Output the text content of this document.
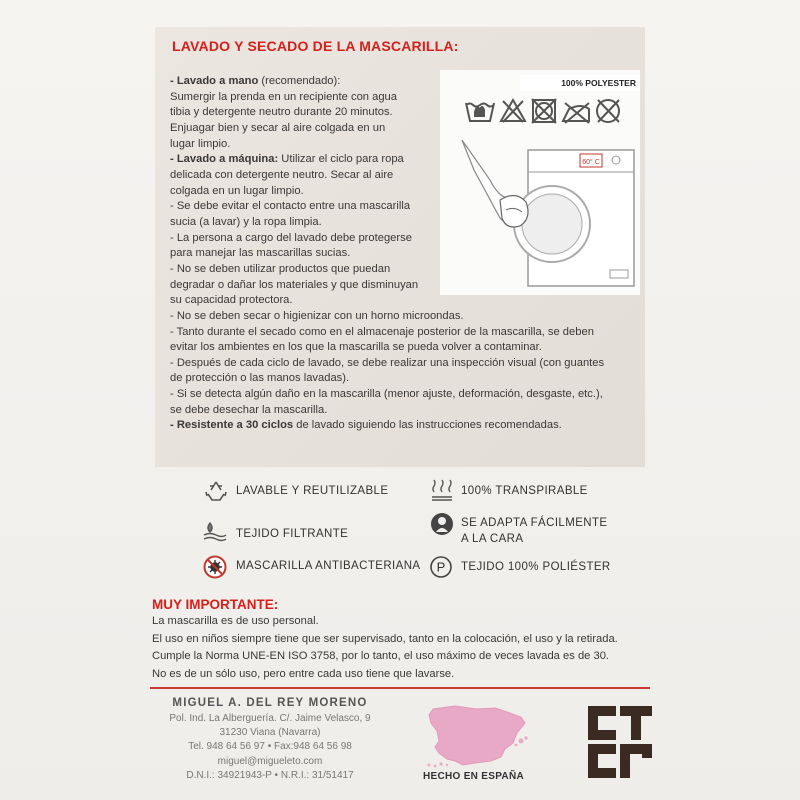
LAVADO Y SECADO DE LA MASCARILLA:
100% POLYESTER
60° C

- Lavado a mano (recomendado):

Sumergir la prenda en un recipiente con agua

tibia y detergente neutro durante 20 minutos.

Enjuagar bien y secar al aire colgada en un

lugar limpio.

- Lavado a máquina: Utilizar el ciclo para ropa

delicada con detergente neutro. Secar al aire

colgada en un lugar limpio.

- Se debe evitar el contacto entre una mascarilla

sucia (a lavar) y la ropa limpia.

- La persona a cargo del lavado debe protegerse

para manejar las mascarillas sucias.

- No se deben utilizar productos que puedan

degradar o dañar los materiales y que disminuyan

su capacidad protectora.

- No se deben secar o higienizar con un horno microondas.

- Tanto durante el secado como en el almacenaje posterior de la mascarilla, se deben

evitar los ambientes en los que la mascarilla se pueda volver a contaminar.

- Después de cada ciclo de lavado, se debe realizar una inspección visual (con guantes

de protección o las manos lavadas).

- Si se detecta algún daño en la mascarilla (menor ajuste, deformación, desgaste, etc.),

se debe desechar la mascarilla.

- Resistente a 30 ciclos de lavado siguiendo las instrucciones recomendadas.

LAVABLE Y REUTILIZABLE	100% TRANSPIRABLE
TEJIDO FILTRANTE
SE ADAPTA FÁCILMENTE
A LA CARA
MASCARILLA ANTIBACTERIANA P TEJIDO 100% POLIÉSTER
MUY IMPORTANTE:

La mascarilla es de uso personal.

El uso en niños siempre tiene que ser supervisado, tanto en la colocación, el uso y la retirada.

Cumple la Norma UNE-EN ISO 3758, por lo tanto, el uso máximo de veces lavada es de 30.

No es de un sólo uso, pero entre cada uso tiene que lavarse.

MIGUEL A. DEL REY MORENO
Pol. Ind. La Alberguería. C/. Jaime Velasco, 9
31230 Viana (Navarra)
Tel. 948 64 56 97 • Fax:948 64 56 98
miguel@migueleto.com
D.N.I.: 34921943-P • N.R.I.: 31/51417	HECHO EN ESPAÑA
